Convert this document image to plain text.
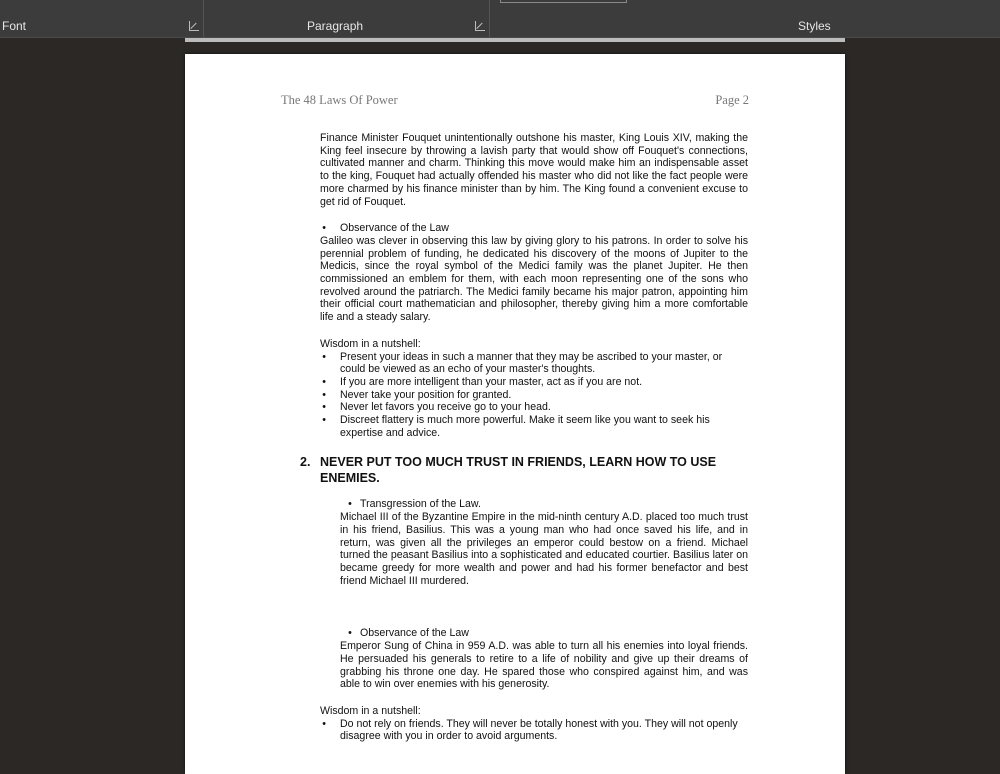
Font	Paragraph	Styles
The 48 Laws Of Power	Page 2

Finance Minister Fouquet unintentionally outshone his master, King Louis XIV, making the King feel insecure by throwing a lavish party that would show off Fouquet's connections, cultivated manner and charm. Thinking this move would make him an indispensable asset to the king, Fouquet had actually offended his master who did not like the fact people were more charmed by his finance minister than by him. The King found a convenient excuse to get rid of Fouquet.

•	Observance of the Law

Galileo was clever in observing this law by giving glory to his patrons. In order to solve his perennial problem of funding, he dedicated his discovery of the moons of Jupiter to the Medicis, since the royal symbol of the Medici family was the planet Jupiter. He then commissioned an emblem for them, with each moon representing one of the sons who revolved around the patriarch. The Medici family became his major patron, appointing him their official court mathematician and philosopher, thereby giving him a more comfortable life and a steady salary.

Wisdom in a nutshell:

•	Present your ideas in such a manner that they may be ascribed to your master, or could be viewed as an echo of your master's thoughts.
•	If you are more intelligent than your master, act as if you are not.
•	Never take your position for granted.
•	Never let favors you receive go to your head.
•	Discreet flattery is much more powerful. Make it seem like you want to seek his expertise and advice.
2. NEVER PUT TOO MUCH TRUST IN FRIENDS, LEARN HOW TO USE ENEMIES.
• Transgression of the Law.

Michael III of the Byzantine Empire in the mid-ninth century A.D. placed too much trust in his friend, Basilius. This was a young man who had once saved his life, and in return, was given all the privileges an emperor could bestow on a friend. Michael turned the peasant Basilius into a sophisticated and educated courtier. Basilius later on became greedy for more wealth and power and had his former benefactor and best friend Michael III murdered.

• Observance of the Law

Emperor Sung of China in 959 A.D. was able to turn all his enemies into loyal friends. He persuaded his generals to retire to a life of nobility and give up their dreams of grabbing his throne one day. He spared those who conspired against him, and was able to win over enemies with his generosity.

Wisdom in a nutshell:

•	Do not rely on friends. They will never be totally honest with you. They will not openly disagree with you in order to avoid arguments.
